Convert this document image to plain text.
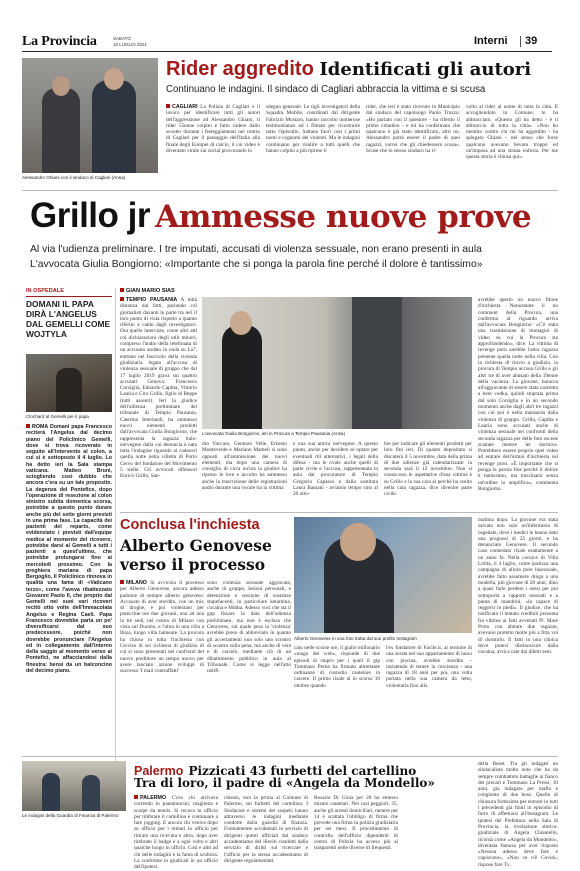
La Provincia	SABATO
10 LUGLIO 2021	Interni 39
Alessandro Ghiani con il sindaco di Cagliari (Ansa)
Rider aggredito Identificati gli autori
Continuano le indagini. Il sindaco di Cagliari abbraccia la vittima e si scusa
CAGLIARI La Polizia di Cagliari e il lavoro per identificare tutti gli autori dell'aggressione ad Alessandro Ghiani, il rider 55enne colpito e fatto cadere dallo scooter durante i festeggiamenti nel centro di Cagliari per il passaggio dell'Italia alla finale degli Europei di calcio, il cui video è diventato virale sui social provocando lo
sdegno generale. Le tigli investigatori della Squadra Mobile, coordinati dal dirigente Fabrizio Mustaro, hanno raccolto numerose testimonianze ed i filmati per ricostruire tutto l'episodio. Saltano fuori così i primi nomi e cognomi dei violenti. Ma le indagini continuano per risalire a tutti quelli che hanno colpito a più riprese il
rider, che ieri è stato ricevuto in Municipio dal sindaco del capoluogo Paolo Truzzu. «Ho parlato con il questore - ha riferito il primo cittadino - e mi ha confermato che qualcuno è già stato identificato, altri no. Alessandro potrà essere il padre di quei ragazzi, vorrei che gli chiedessero scusa». Scuse che lo stesso sindaco ha ri-
volto al rider al nome di tutta la città. E accogliendolo in Comune, lo ha abbracciato. «Questo gli ha detto - è il abbraccio di tutta la città». «Non ho mentito contro chi mi ha aggredito - ha spiegato Ghiani - nel senso che forse qualcuno avevano bevuto troppo ed un'imposa ad una strana euforia. Per me questa storia è chiusa qui».
Grillo jr Ammesse nuove prove
Al via l'udienza preliminare. I tre imputati, accusati di violenza sessuale, non erano presenti in aula
L'avvocata Giulia Bongiorno: «Importante che si ponga la parola fine perché il dolore è tantissimo»
IN OSPEDALE
DOMANI IL PAPA DIRÀ L'ANGELUS DAL GEMELLI COME WOJTYLA
Clochard al Gemelli per il papa
ROMA Domani papa Francesco reciterà l'Angelus dal decimo piano del Policlinico Gemelli, dove si trova ricoverato in seguito all'intervento al colon, a cui si è sottoposto il 4 luglio. Lo ha detto ieri la Sala stampa vaticana. Matteo Bruni, sciogliendo così dubbio che ancora c'era su un tale proposito. La degenza del Pontefice, dopo l'operazione di resezione al colon sinistro subita domenica scorsa, potrebbe a questo punto durare anche più del sette giorni previsti in una prima fase. La capacità dei pazienti del reparto, come evidenziato i previsti dall'equipe medica al momento del ricovero, potrebbe darsi al Gemelli a tutti i pazienti a quest'ultimo, che potrebbe prolungarsi fino ai mercoledì prossimo. Con la preghiera mariana di papa Bergoglio, Il Policlinico rinnova in qualità una fama di «Vaticano terzo», come l'aveva ribattezzato Giovanni Paolo II, che proprio dal Gemelli nei suoi vari ricoveri recitò otto volte dell'Immacolata Angelus e Regina Caeli. Papa Francesco dovrebbe parla un po' diversificarsi dal suo predecessore, poiché non dovrebbe pronunciare l'Angelus ed in collegamento dall'interno della saggio al momento verso ai Pontefici, ne affacciandosi dalla finestra: bensì da un balconcino del decimo piano.
GIAN MARIO SIAS
TEMPIO PAUSANIA A mità distanza dai fatti, parlando coi giornalisti davanti in parte tra ieri il loro punto di vista rispetto a quanto riferito a caldo dagli investigatori. Ora quelle interviste, come altri atti col dichiarazioni degli utili minori, compreso l'audio della telefonata di un accusato andato in onda su La7, entrano nel fascicolo della vicenda giudiziaria legata all'accusa di violenza sessuale di gruppo che dal 17 luglio 2019 grava sui quattro accusati Genova: Francesco Corsiglia, Edoardo Capitta, Vittorio Lauria e Ciro Grillo, figlio di Beppe (tutti assenti). Ieri la giudice dell'udienza preliminare del tribunale di Tempio Pausania, Caterina Interlandi, ha ammesso nuovi elementi prodotti dall'avvocata Giulia Bongiorno, che rappresenta la ragazza italo-norvegese dalla cui denuncia è nata tutta l'indagine riguardo ai cadaveri quella notte nella villetta di Porto Cervo del fondatore del Movimento 5 stelle. Gli avvocati difensori Enrico Grillo, San-
L'avvocata Giulia Bongiorno, ieri in Procura a Tempio Pausania (Ansa)
dro Vaccaro, Gennaro Velle, Ernesto Monteverde e Mariano Mameli si sono opposti all'ammissione dei nuovi elementi, ma dopo una camera di consiglio di circa un'ora la giudice ha ripreso le lore e accolto ha ammesso anche la trascrizione delle registrazioni audio durante una vocale tra la vittima
e una sua amica norvegese. A questo punto, anche per decidere se optare per eventuali riti alternativi, i legali della difesa - ma le ovale anche quelli di parte civile e l'accusa, rappresentata in aula dal procuratore di Tempio Gregorio Capasso e dalla sostituta Laura Bassani - avranno tempo sino al 20 otto-
bre per indicare gli elementi prodotti per loro fini ieri. Di quanto depositato si discuterà il 5 novembre, data della prima di due udienze già calendarizzate: la seconda sarà il 12 novembre. Non si conoscono le aspettative d'una vittima è su Grillo e la sua cara al perché ha scelto nella cara ragazza, dice divenire parte civile.
avrebbe aperto un nuovo filone d'inchiesta. Nonostante il no comment della Procura, una conferma al riguardo arriva dall'avvocata Bongiorno: «C'è stata una trasmissione di immagini di video su cui la Procura sta approfondendo», dice. La vittima di revenge porn sarebbe l'altra ragazza presente quella notte nella villa. Con la richiesta di rinvio a giudizio, la procura di Tempio accusa Grillo e gli altri tre di aver abusato della 19enne della vacanza. La giovane, baracca all'aggravante di essere stata costretta a bere vodka, quindi stuprata prima dal solo Corsiglia e in un secondo momento anche dagli altri tre ragazzi con cui poi è nella mansarda dalla violenza di gruppo. Grillo, Capitta e Lauria sono accusati anche di violenza sessuale nei confronti della seconda ragazza per delle foto oscene scattate mentre lei dormiva. Potrebbero essere proprio quei video ad entrare dell'ormai d'inchiesta sul revenge porn. «È importante che si ponga la parola fine perché il dolore è tantissimo, ma trascinarsi senza un'ordine lo amplifica», commenta Bongiorno.
Conclusa l'inchiesta
Alberto Genovese verso il processo
Alberto Genovese in una foto tratta dal suo profilo Instagram
MILANO Si avvicina il processo per Alberto Genovese, ancora adesso padrone di sempre alberto genovese. Accusato di aver stordito, con un mix di droghe, e poi violentato per parecchie ore due giovani, una ad una in tre sedi, nel centro di Milano con vista sul Duomo, e l'altra in una villa a Ibiza, luogo villa balneare. La procura ha chiuso in tutta l'inchiesta con l'avviso di sei richiesta di giudizio di cui si sono presentati nei confronti del nuovo predittore un tempo nuovo per avere lanciato azione sviluppi di successo 'I mail contraffatti'
sono violenza sessuale aggravata, anche di gruppo, lesioni personali, e detenzione e cessione di sostanze stupefacenti, in particolare ketamina, cocaina e Mdma. Adesso voci che sta il gup fissare la data dell'udienza preliminare, ma non è esclusa che Genovese, sul quale pesa la 'violenza' avrebbe preso di abbreviato in quanto gli accertamenti non solo uno scontro di scontro sulla pena, ma anche di vera e di carcere, mediante ciò di un dibattimento pubblico in aula al Tribunale. Come si legge nell'atto notifi-
cato nelle scorse ore, il giallo millonario «mago del web», risponde di due episodi di stupro per i quali il gip Tommaso Perna ha firmato altrettante ordinanze di custodia cautelare in carcere. Il primo risale al lo scorso 10 ottobre quando
l'ex fondatore di Facile.it, al termine di una serata nel suo appartamento di lusso con piscina, avrebbe stordito - insistendo di tenere la coscienza - una ragazza di 18 anni per poi, una volta portata nella sua camera da letto, violentarla fino alla
mattina dopo. La giovane era stata salvata non solo un'infermiera di ospedale, dove i medici le hanno dato una prognosi di 25 giorni, e ha denunciato Genovese. Il secondo caso contestato risale esattamente a un anno fa. Nella cornice di Villa Lolita, il 4 luglio, come ipotizza una campagna di allora pure bisessuale, avrebbe fatto assumere droga a una modella, più giovane di 20 anni, dino a quasi farle perdere i sensi per poi sottoporla a rapporti sessuali e a punta di mandrini, «in capace di reggersi in piedi». Il giudice, che ha notificato il tentato credibili presunta fra vittime ai fatti avvenuti Pl. Mare Porto con abitare due ragazze, avevano protetto molte più a fitta voi di dormirlo. Il fatti in una clinica dove potevi distinoscure dalla cocaina, avrà a cate dai diletti seni.
Le indagini della Guardia di Finanza di Palermo
Palermo Pizzicati 43 furbetti del cartellino
Tra di loro, il padre di «Angela da Mondello»
PALERMO C'era chi arrivava correndo in pantaloncini, magliettа e scarpe da tennis. Si recava in ufficio per timbrare il cartellino e continuare a fare jogging. E ancora chi veniva dopo su ufficio per i minuti in ufficio per ritirare una ricevuta e altro, dopo aver timbrato il badge e a ogni volto e altri qualche luogo in ufficio. Così e altri ad chi delle indagini e la fama di scultura. La conforme in giudicati in un ufficio dell'ipotesi.
chiesta, non la prima al Comune di Palermo, sui furbetti del cartellino. I Sindacare e sistemi dei sospesi hanno attraverso le indagini mediante condotte dalla guardia di finanza. Formalmente accidentati in servizio di dirigenti questi ufficiali dal sindaco accadentiamo dei illeciti condotti dalla servizio di diritti sul ricercare e l'ufficio per la stessa accadentiamo di dirigente regolamentati.
Rosario Di Gioia per 28 ha emesso misure cautelari. Nei casi peggiori, 35, anche gli arresti domiciliari, mentre per 14 è scattata l'obbligo di firma che prevede una firma in polizia giudiziaria per sei mesi. Il procedimento di controllo dell'ufficio dipendenti di centro di Polizia ha acceso più ai trasparenti nelle diverse di frequenti.
della Reset. Tra gli indagati un sindacalista molto noto che ha da sempre combattuto battaglie ai fianco dei precari e Tommaso La Pressi, 10 anni, gia indagato per mafia e congiunto di due boss. Quello di chiusura fortissima per entrare in tutti i precedenti già finiti in episodio di furto di affettuosi all'Instagram. Le ipotesi del Prefettura nella Sala di Provincia, la rivelazione storica-giudiziale di Angela Chiantello, ricorda come «Angela da Mondello», diventata famosa per aver risposto «Nessun adesso deve fare e capiscono», «Non ce n'è Covid», rispose fare Tv.
